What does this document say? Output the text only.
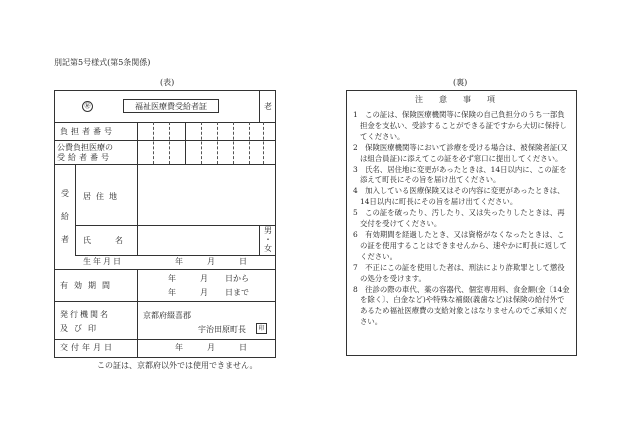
別記第5号様式(第5条関係)
(表)
㊙	福祉医療費受給者証	老
負担者番号
公費負担医療の
受給者番号
受
給
者
居住地
氏	名
男
・
女
生年月日	年	月	日
有効期間
年	月 日から
年	月 日まで
発行機関名
及び印
京都府綴喜郡
宇治田原町長	印
交付年月日	年	月	日
この証は、京都府以外では使用できません。
(裏)
注　意　事　項

1　この証は、保険医療機関等に保険の自己負担分のうち一部負担金を支払い、受診することができる証ですから大切に保持してください。

2　保険医療機関等において診療を受ける場合は、被保険者証(又は組合員証)に添えてこの証を必ず窓口に提出してください。

3　氏名、居住地に変更があったときは、14日以内に、この証を添えて町長にその旨を届け出てください。

4　加入している医療保険又はその内容に変更があったときは、14日以内に町長にその旨を届け出てください。

5　この証を破ったり、汚したり、又は失ったりしたときは、再交付を受けてください。

6　有効期間を経過したとき、又は資格がなくなったときは、この証を使用することはできませんから、速やかに町長に返してください。

7　不正にこの証を使用した者は、刑法により詐欺罪として懲役の処分を受けます。

8　往診の際の車代、薬の容器代、個室専用料、食金額(金〔14金を除く〕、白金など)や特殊な補綴(義歯など)は保険の給付外であるため福祉医療費の支給対象とはなりませんのでご承知ください。
